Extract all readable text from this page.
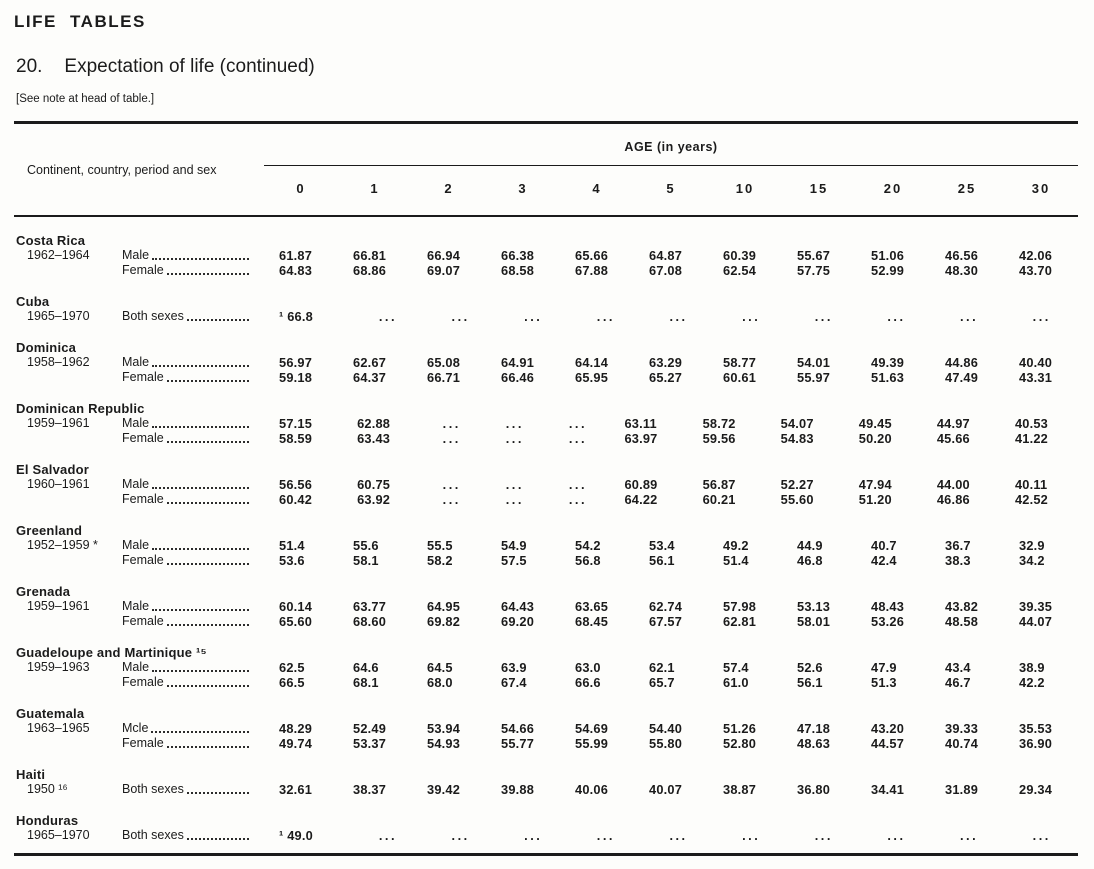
LIFE TABLES
20. Expectation of life (continued)
[See note at head of table.]
Continent, country, period and sex
AGE (in years)
0	1	2	3	4	5	10	15	20	25	30
Costa Rica
1962–1964	Male	61.87	66.81	66.94	66.38	65.66	64.87	60.39	55.67	51.06	46.56	42.06
Female	64.83	68.86	69.07	68.58	67.88	67.08	62.54	57.75	52.99	48.30	43.70
Cuba
1965–1970	Both sexes	¹ 66.8	...	...	...	...	...	...	...	...	...	...
Dominica
1958–1962	Male	56.97	62.67	65.08	64.91	64.14	63.29	58.77	54.01	49.39	44.86	40.40
Female	59.18	64.37	66.71	66.46	65.95	65.27	60.61	55.97	51.63	47.49	43.31
Dominican Republic
1959–1961	Male	57.15	62.88	...	...	...	63.11	58.72	54.07	49.45	44.97	40.53
Female	58.59	63.43	...	...	...	63.97	59.56	54.83	50.20	45.66	41.22
El Salvador
1960–1961	Male	56.56	60.75	...	...	...	60.89	56.87	52.27	47.94	44.00	40.11
Female	60.42	63.92	...	...	...	64.22	60.21	55.60	51.20	46.86	42.52
Greenland
1952–1959 *	Male	51.4	55.6	55.5	54.9	54.2	53.4	49.2	44.9	40.7	36.7	32.9
Female	53.6	58.1	58.2	57.5	56.8	56.1	51.4	46.8	42.4	38.3	34.2
Grenada
1959–1961	Male	60.14	63.77	64.95	64.43	63.65	62.74	57.98	53.13	48.43	43.82	39.35
Female	65.60	68.60	69.82	69.20	68.45	67.57	62.81	58.01	53.26	48.58	44.07
Guadeloupe and Martinique ¹⁵
1959–1963	Male	62.5	64.6	64.5	63.9	63.0	62.1	57.4	52.6	47.9	43.4	38.9
Female	66.5	68.1	68.0	67.4	66.6	65.7	61.0	56.1	51.3	46.7	42.2
Guatemala
1963–1965	Mcle	48.29	52.49	53.94	54.66	54.69	54.40	51.26	47.18	43.20	39.33	35.53
Female	49.74	53.37	54.93	55.77	55.99	55.80	52.80	48.63	44.57	40.74	36.90
Haiti
1950 ¹⁶	Both sexes	32.61	38.37	39.42	39.88	40.06	40.07	38.87	36.80	34.41	31.89	29.34
Honduras
1965–1970	Both sexes	¹ 49.0	...	...	...	...	...	...	...	...	...	...
